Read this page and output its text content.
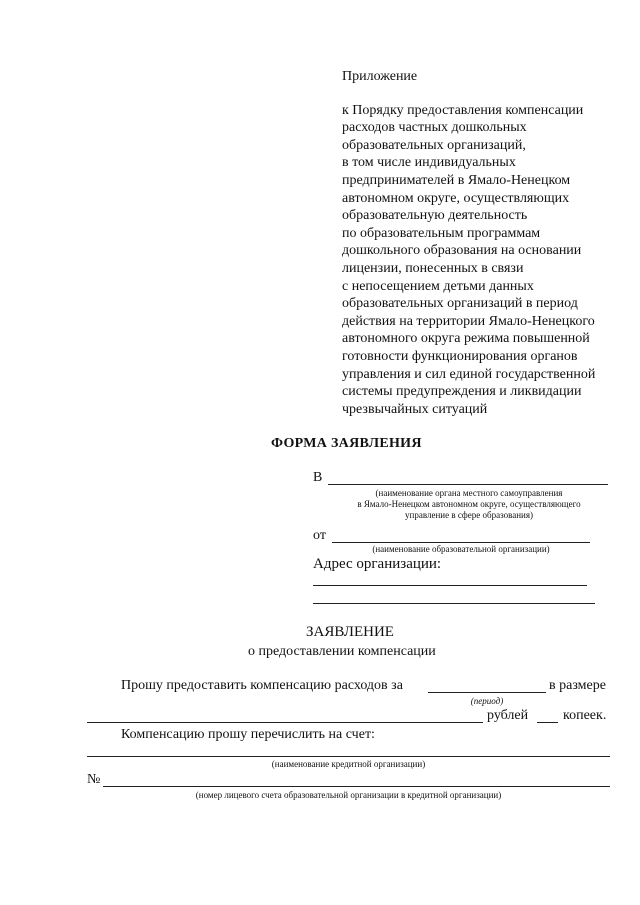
Приложение
к Порядку предоставления компенсации
расходов частных дошкольных
образовательных организаций,
в том числе индивидуальных
предпринимателей в Ямало-Ненецком
автономном округе, осуществляющих
образовательную деятельность
по образовательным программам
дошкольного образования на основании
лицензии, понесенных в связи
с непосещением детьми данных
образовательных организаций в период
действия на территории Ямало-Ненецкого
автономного округа режима повышенной
готовности функционирования органов
управления и сил единой государственной
системы предупреждения и ликвидации
чрезвычайных ситуаций
ФОРМА ЗАЯВЛЕНИЯ
В
(наименование органа местного самоуправления
в Ямало-Ненецком автономном округе, осуществляющего
управление в сфере образования)
от
(наименование образовательной организации)
Адрес организации:
ЗАЯВЛЕНИЕ
о предоставлении компенсации
Прошу предоставить компенсацию расходов за	в размере
(период)
рублей копеек.
Компенсацию прошу перечислить на счет:
(наименование кредитной организации)
№
(номер лицевого счета образовательной организации в кредитной организации)
